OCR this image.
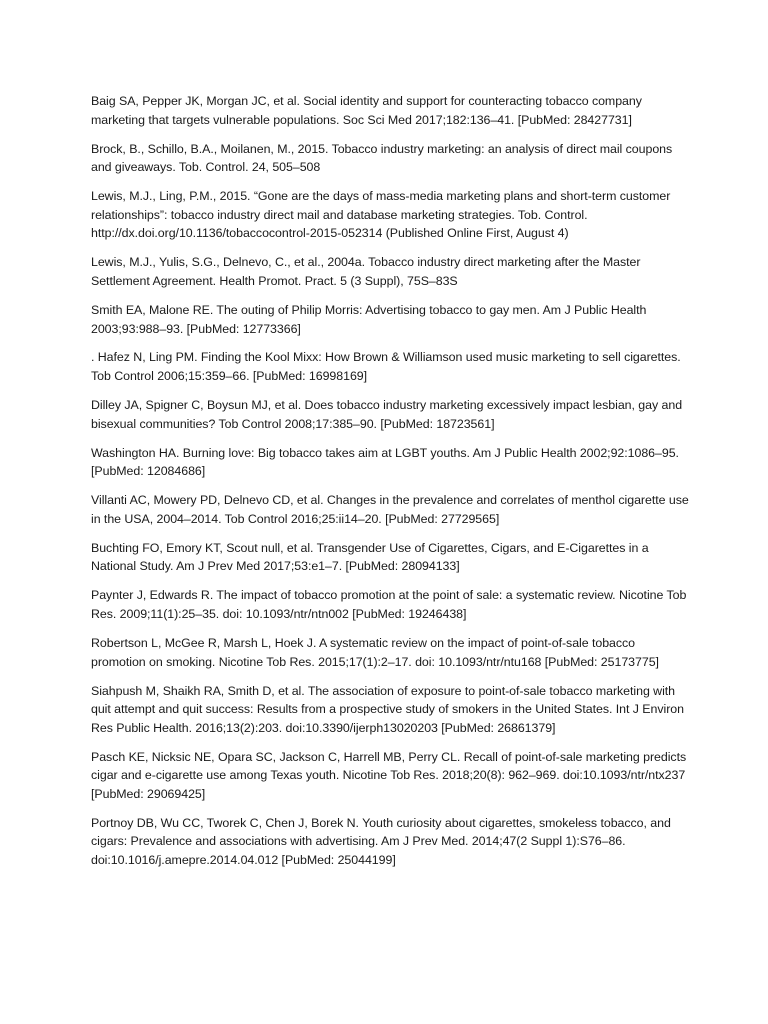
Baig SA, Pepper JK, Morgan JC, et al. Social identity and support for counteracting tobacco company marketing that targets vulnerable populations. Soc Sci Med 2017;182:136–41. [PubMed: 28427731]

Brock, B., Schillo, B.A., Moilanen, M., 2015. Tobacco industry marketing: an analysis of direct mail coupons and giveaways. Tob. Control. 24, 505–508

Lewis, M.J., Ling, P.M., 2015. “Gone are the days of mass-media marketing plans and short-term customer relationships”: tobacco industry direct mail and database marketing strategies. Tob. Control. http://dx.doi.org/10.1136/tobaccocontrol-2015-052314 (Published Online First, August 4)

Lewis, M.J., Yulis, S.G., Delnevo, C., et al., 2004a. Tobacco industry direct marketing after the Master Settlement Agreement. Health Promot. Pract. 5 (3 Suppl), 75S–83S

Smith EA, Malone RE. The outing of Philip Morris: Advertising tobacco to gay men. Am J Public Health 2003;93:988–93. [PubMed: 12773366]

. Hafez N, Ling PM. Finding the Kool Mixx: How Brown & Williamson used music marketing to sell cigarettes. Tob Control 2006;15:359–66. [PubMed: 16998169]

Dilley JA, Spigner C, Boysun MJ, et al. Does tobacco industry marketing excessively impact lesbian, gay and bisexual communities? Tob Control 2008;17:385–90. [PubMed: 18723561]

Washington HA. Burning love: Big tobacco takes aim at LGBT youths. Am J Public Health 2002;92:1086–95. [PubMed: 12084686]

Villanti AC, Mowery PD, Delnevo CD, et al. Changes in the prevalence and correlates of menthol cigarette use in the USA, 2004–2014. Tob Control 2016;25:ii14–20. [PubMed: 27729565]

Buchting FO, Emory KT, Scout null, et al. Transgender Use of Cigarettes, Cigars, and E-Cigarettes in a National Study. Am J Prev Med 2017;53:e1–7. [PubMed: 28094133]

Paynter J, Edwards R. The impact of tobacco promotion at the point of sale: a systematic review. Nicotine Tob Res. 2009;11(1):25–35. doi: 10.1093/ntr/ntn002 [PubMed: 19246438]

Robertson L, McGee R, Marsh L, Hoek J. A systematic review on the impact of point-of-sale tobacco promotion on smoking. Nicotine Tob Res. 2015;17(1):2–17. doi: 10.1093/ntr/ntu168 [PubMed: 25173775]

Siahpush M, Shaikh RA, Smith D, et al. The association of exposure to point-of-sale tobacco marketing with quit attempt and quit success: Results from a prospective study of smokers in the United States. Int J Environ Res Public Health. 2016;13(2):203. doi:10.3390/ijerph13020203 [PubMed: 26861379]

Pasch KE, Nicksic NE, Opara SC, Jackson C, Harrell MB, Perry CL. Recall of point-of-sale marketing predicts cigar and e-cigarette use among Texas youth. Nicotine Tob Res. 2018;20(8): 962–969. doi:10.1093/ntr/ntx237 [PubMed: 29069425]

Portnoy DB, Wu CC, Tworek C, Chen J, Borek N. Youth curiosity about cigarettes, smokeless tobacco, and cigars: Prevalence and associations with advertising. Am J Prev Med. 2014;47(2 Suppl 1):S76–86. doi:10.1016/j.amepre.2014.04.012 [PubMed: 25044199]
